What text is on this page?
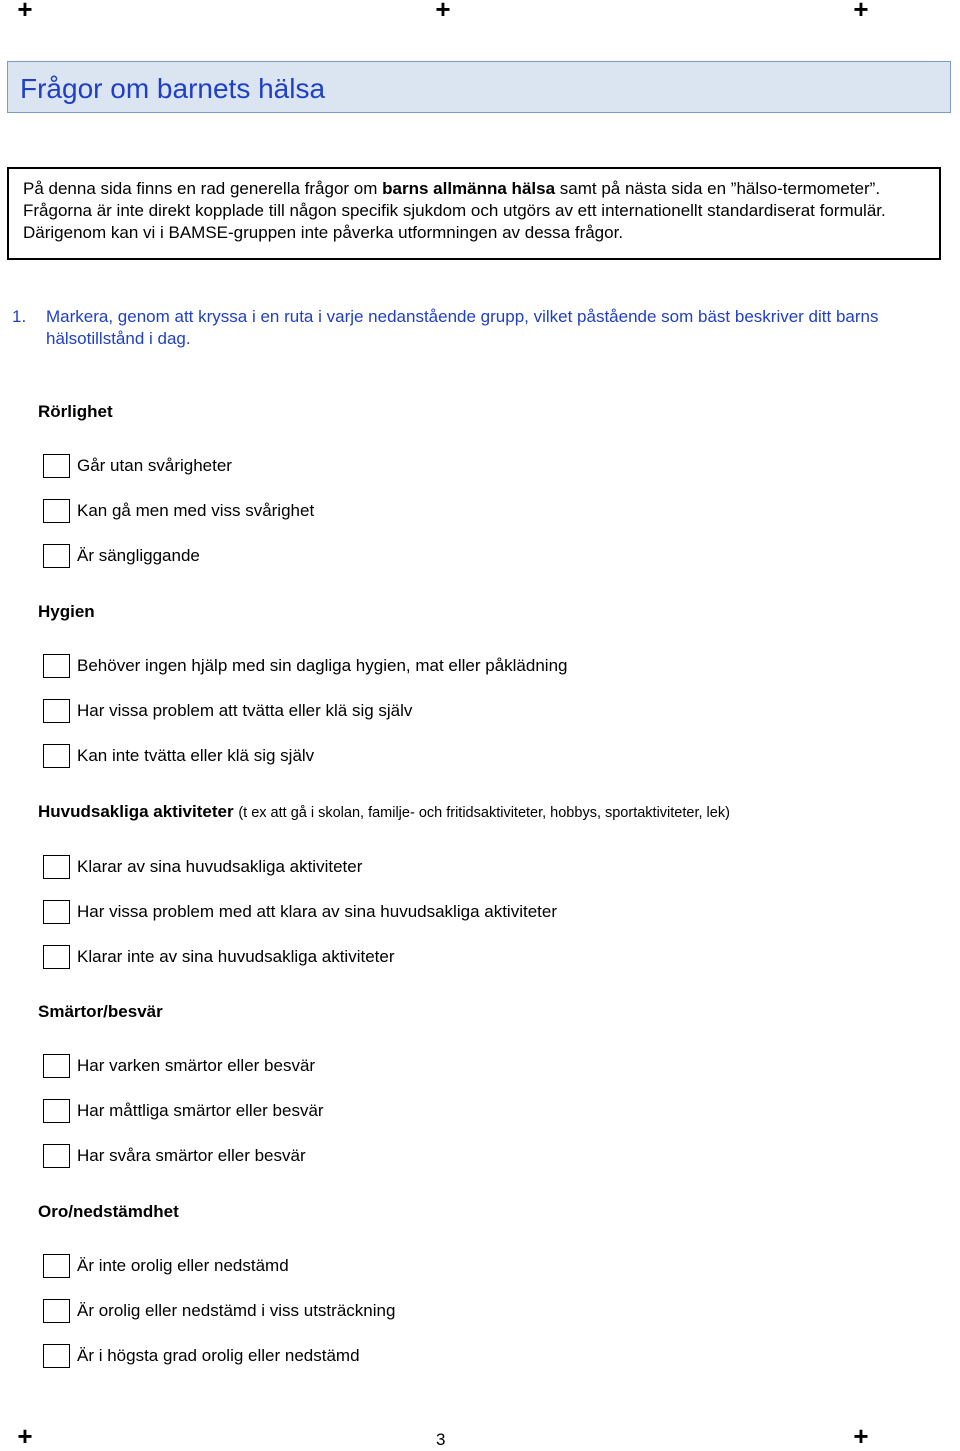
+	+	+
+	+
Frågor om barnets hälsa
På denna sida finns en rad generella frågor om barns allmänna hälsa samt på nästa sida en ”hälso-termometer”. Frågorna är inte direkt kopplade till någon specifik sjukdom och utgörs av ett internationellt standardiserat formulär. Därigenom kan vi i BAMSE-gruppen inte påverka utformningen av dessa frågor.
1. Markera, genom att kryssa i en ruta i varje nedanstående grupp, vilket påstående som bäst beskriver ditt barns hälsotillstånd i dag.
Rörlighet
Går utan svårigheter
Kan gå men med viss svårighet
Är sängliggande
Hygien
Behöver ingen hjälp med sin dagliga hygien, mat eller påklädning
Har vissa problem att tvätta eller klä sig själv
Kan inte tvätta eller klä sig själv
Huvudsakliga aktiviteter (t ex att gå i skolan, familje- och fritidsaktiviteter, hobbys, sportaktiviteter, lek)
Klarar av sina huvudsakliga aktiviteter
Har vissa problem med att klara av sina huvudsakliga aktiviteter
Klarar inte av sina huvudsakliga aktiviteter
Smärtor/besvär
Har varken smärtor eller besvär
Har måttliga smärtor eller besvär
Har svåra smärtor eller besvär
Oro/nedstämdhet
Är inte orolig eller nedstämd
Är orolig eller nedstämd i viss utsträckning
Är i högsta grad orolig eller nedstämd
3
